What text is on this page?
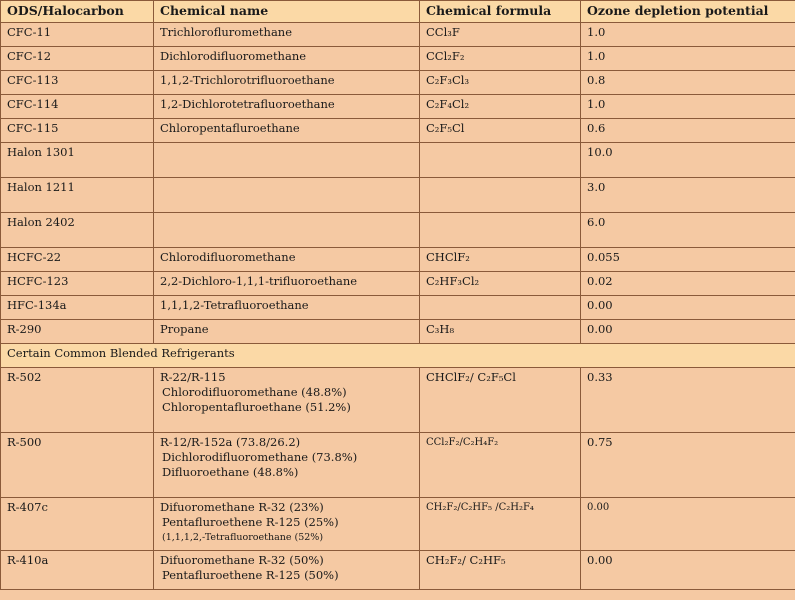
ODS/Halocarbon	Chemical name	Chemical formula	Ozone depletion potential
CFC-11	Trichlorofluromethane	CCl₃F	1.0
CFC-12	Dichlorodifluoromethane	CCl₂F₂	1.0
CFC-113	1,1,2-Trichlorotrifluoroethane	C₂F₃Cl₃	0.8
CFC-114	1,2-Dichlorotetrafluoroethane	C₂F₄Cl₂	1.0
CFC-115	Chloropentafluroethane	C₂F₅Cl	0.6
Halon 1301			10.0
Halon 1211			3.0
Halon 2402			6.0
HCFC-22	Chlorodifluoromethane	CHClF₂	0.055
HCFC-123	2,2-Dichloro-1,1,1-trifluoroethane	C₂HF₃Cl₂	0.02
HFC-134a	1,1,1,2-Tetrafluoroethane		0.00
R-290	Propane	C₃H₈	0.00
Certain Common Blended Refrigerants			
R-502	R-22/R-115
Chlorodifluoromethane (48.8%)
Chloropentafluroethane (51.2%)	CHClF₂/ C₂F₅Cl	0.33
R-500	R-12/R-152a (73.8/26.2)
Dichlorodifluoromethane (73.8%)
Difluoroethane (48.8%)	CCl₂F₂/C₂H₄F₂	0.75
R-407c	Difuoromethane R-32 (23%)
Pentafluroethene R-125 (25%)
(1,1,1,2,-Tetrafluoroethane (52%)	CH₂F₂/C₂HF₅ /C₂H₂F₄	0.00
R-410a	Difuoromethane R-32 (50%)
Pentafluroethene R-125 (50%)	CH₂F₂/ C₂HF₅	0.00
